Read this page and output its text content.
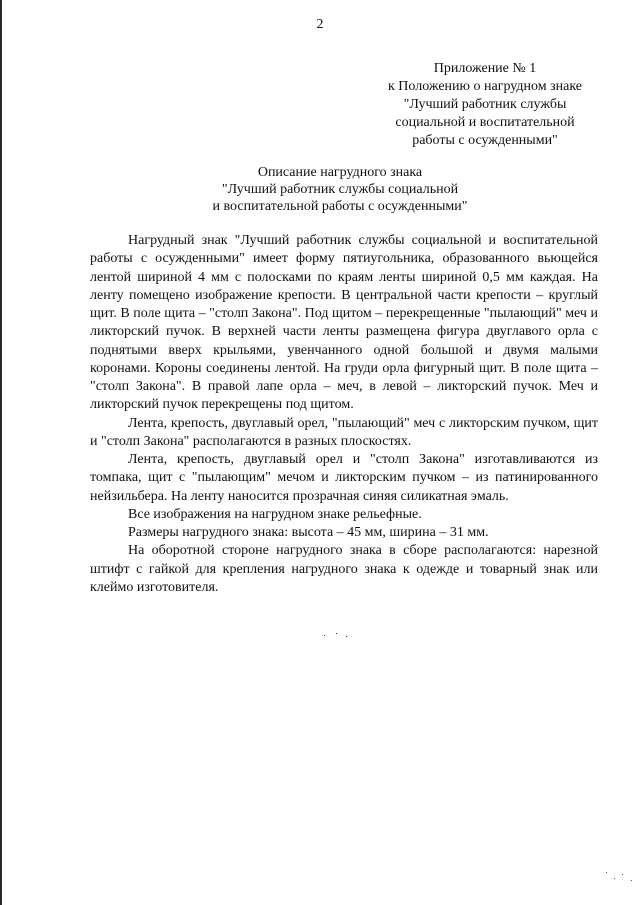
2
Приложение № 1
к Положению о нагрудном знаке
"Лучший работник службы
социальной и воспитательной
работы с осужденными"
Описание нагрудного знака
"Лучший работник службы социальной
и воспитательной работы с осужденными"

Нагрудный знак "Лучший работник службы социальной и воспитательной работы с осужденными" имеет форму пятиугольника, образованного вьющейся лентой шириной 4 мм с полосками по краям ленты шириной 0,5 мм каждая. На ленту помещено изображение крепости. В центральной части крепости – круглый щит. В поле щита – "столп Закона". Под щитом – перекрещенные "пылающий" меч и ликторский пучок. В верхней части ленты размещена фигура двуглавого орла с поднятыми вверх крыльями, увенчанного одной большой и двумя малыми коронами. Короны соединены лентой. На груди орла фигурный щит. В поле щита – "столп Закона". В правой лапе орла – меч, в левой – ликторский пучок. Меч и ликторский пучок перекрещены под щитом.

Лента, крепость, двуглавый орел, "пылающий" меч с ликторским пучком, щит и "столп Закона" располагаются в разных плоскостях.

Лента, крепость, двуглавый орел и "столп Закона" изготавливаются из томпака, щит с "пылающим" мечом и ликторским пучком – из патинированного нейзильбера. На ленту наносится прозрачная синяя силикатная эмаль.

Все изображения на нагрудном знаке рельефные.

Размеры нагрудного знака: высота – 45 мм, ширина – 31 мм.

На оборотной стороне нагрудного знака в сборе располагаются: нарезной штифт с гайкой для крепления нагрудного знака к одежде и товарный знак или клеймо изготовителя.
